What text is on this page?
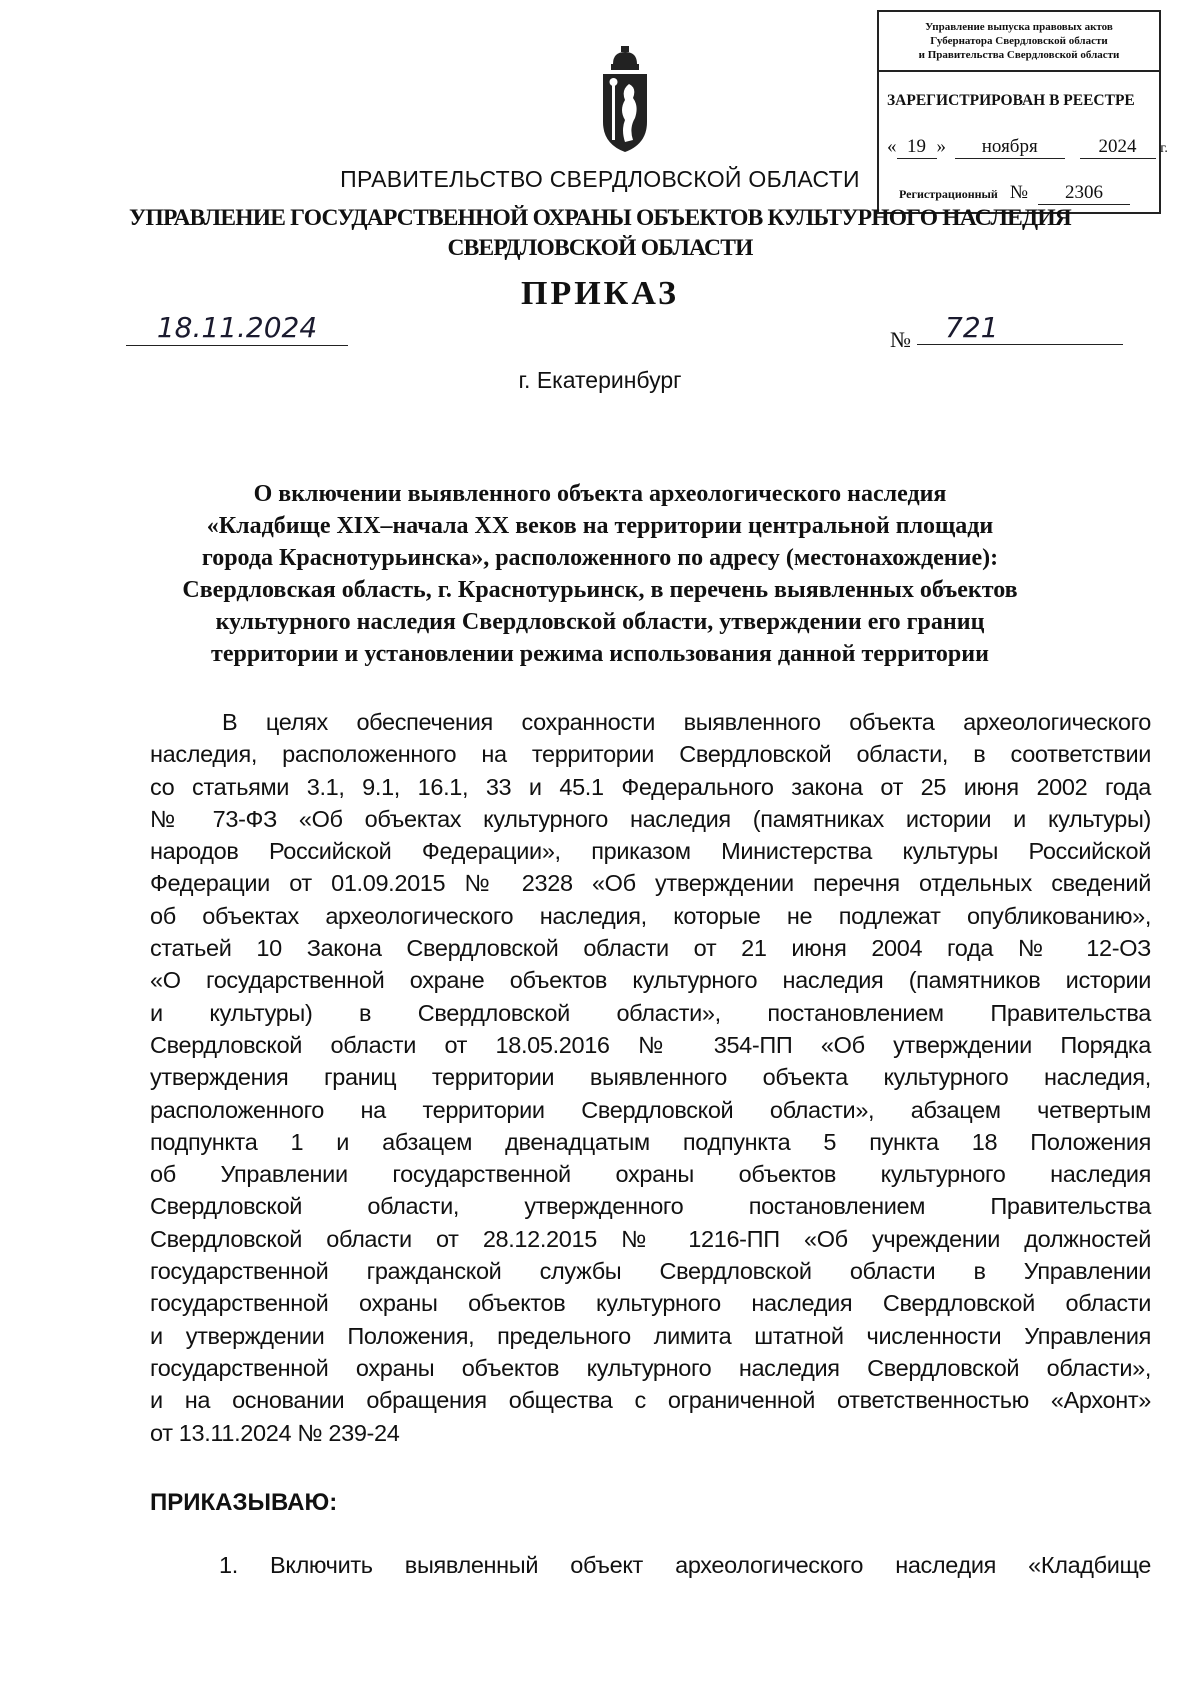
Управление выпуска правовых актов
Губернатора Свердловской области
и Правительства Свердловской области
ЗАРЕГИСТРИРОВАН В РЕЕСТРЕ
« 19 » ноября	2024 г.
Регистрационный № 2306
ПРАВИТЕЛЬСТВО СВЕРДЛОВСКОЙ ОБЛАСТИ
УПРАВЛЕНИЕ ГОСУДАРСТВЕННОЙ ОХРАНЫ ОБЪЕКТОВ КУЛЬТУРНОГО НАСЛЕДИЯ
СВЕРДЛОВСКОЙ ОБЛАСТИ
ПРИКАЗ
18.11.2024	№	721
г. Екатеринбург
О включении выявленного объекта археологического наследия
«Кладбище XIX–начала XX веков на территории центральной площади
города Краснотурьинска», расположенного по адресу (местонахождение):
Свердловская область, г. Краснотурьинск, в перечень выявленных объектов
культурного наследия Свердловской области, утверждении его границ
территории и установлении режима использования данной территории
В целях обеспечения сохранности выявленного объекта археологического
наследия, расположенного на территории Свердловской области, в соответствии
со статьями 3.1, 9.1, 16.1, 33 и 45.1 Федерального закона от 25 июня 2002 года
№ 73-ФЗ «Об объектах культурного наследия (памятниках истории и культуры)
народов Российской Федерации», приказом Министерства культуры Российской
Федерации от 01.09.2015 № 2328 «Об утверждении перечня отдельных сведений
об объектах археологического наследия, которые не подлежат опубликованию»,
статьей 10 Закона Свердловской области от 21 июня 2004 года № 12-ОЗ
«О государственной охране объектов культурного наследия (памятников истории
и культуры) в Свердловской области», постановлением Правительства
Свердловской области от 18.05.2016 № 354-ПП «Об утверждении Порядка
утверждения границ территории выявленного объекта культурного наследия,
расположенного на территории Свердловской области», абзацем четвертым
подпункта 1 и абзацем двенадцатым подпункта 5 пункта 18 Положения
об Управлении государственной охраны объектов культурного наследия
Свердловской области, утвержденного постановлением Правительства
Свердловской области от 28.12.2015 № 1216-ПП «Об учреждении должностей
государственной гражданской службы Свердловской области в Управлении
государственной охраны объектов культурного наследия Свердловской области
и утверждении Положения, предельного лимита штатной численности Управления
государственной охраны объектов культурного наследия Свердловской области»,
и на основании обращения общества с ограниченной ответственностью «Архонт»
от 13.11.2024 № 239-24
ПРИКАЗЫВАЮ:
1. Включить выявленный объект археологического наследия «Кладбище
